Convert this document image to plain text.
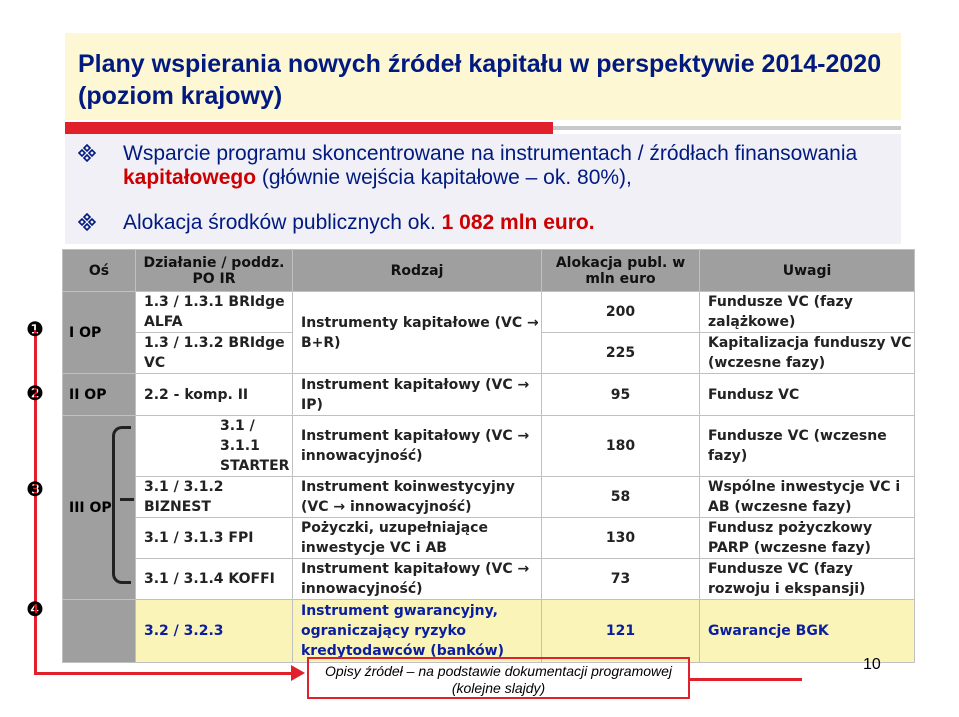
Plany wspierania nowych źródeł kapitału w perspektywie 2014-2020 (poziom krajowy)
Wsparcie programu skoncentrowane na instrumentach / źródłach finansowania kapitałowego (głównie wejścia kapitałowe – ok. 80%),
Alokacja środków publicznych ok. 1 082 mln euro.
Oś	Działanie / poddz. PO IR	Rodzaj	Alokacja publ. w mln euro	Uwagi
I OP	1.3 / 1.3.1 BRIdge ALFA	Instrumenty kapitałowe (VC → B+R)	200	Fundusze VC (fazy zalążkowe)
	1.3 / 1.3.2 BRIdge VC		225	Kapitalizacja funduszy VC (wczesne fazy)
II OP	2.2 - komp. II	Instrument kapitałowy (VC → IP)	95	Fundusz VC
III OP	3.1 / 3.1.1 STARTER	Instrument kapitałowy (VC → innowacyjność)	180	Fundusze VC (wczesne fazy)
	3.1 / 3.1.2 BIZNEST	Instrument koinwestycyjny (VC → innowacyjność)	58	Wspólne inwestycje VC i AB (wczesne fazy)
	3.1 / 3.1.3 FPI	Pożyczki, uzupełniające inwestycje VC i AB	130	Fundusz pożyczkowy PARP (wczesne fazy)
	3.1 / 3.1.4 KOFFI	Instrument kapitałowy (VC → innowacyjność)	73	Fundusze VC (fazy rozwoju i ekspansji)
	3.2 / 3.2.3	Instrument gwarancyjny, ograniczający ryzyko kredytodawców (banków)	121	Gwarancje BGK
❶
❷
❸
❹
Opisy źródeł – na podstawie dokumentacji programowej (kolejne slajdy)
10
